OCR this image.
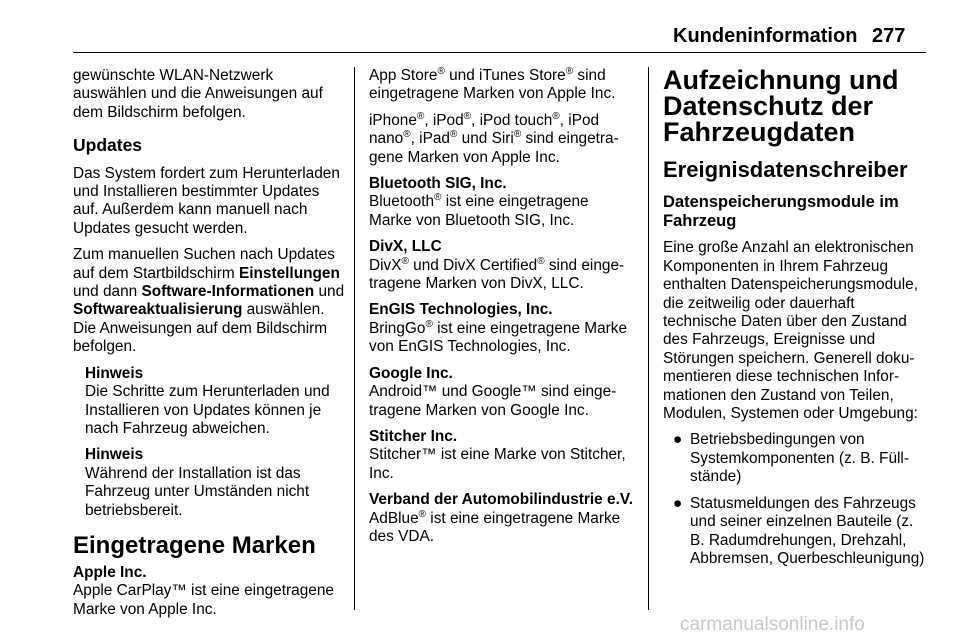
Kundeninformation 277

gewünschte WLAN-Netzwerk auswählen und die Anweisungen auf dem Bildschirm befolgen.

Updates

Das System fordert zum Herunterladen und Installieren bestimmter Updates auf. Außerdem kann manuell nach Updates gesucht werden.

Zum manuellen Suchen nach Updates auf dem Startbildschirm Einstellungen und dann Software-Informationen und Softwareaktualisierung auswählen. Die Anweisungen auf dem Bildschirm befolgen.

Hinweis
Die Schritte zum Herunterladen und Installieren von Updates können je nach Fahrzeug abweichen.
Hinweis
Während der Installation ist das Fahrzeug unter Umständen nicht betriebsbereit.
Eingetragene Marken
Apple Inc.
Apple CarPlay™ ist eine eingetragene Marke von Apple Inc.

App Store® und iTunes Store® sind eingetragene Marken von Apple Inc.

iPhone®, iPod®, iPod touch®, iPod nano®, iPad® und Siri® sind eingetragene Marken von Apple Inc.

Bluetooth SIG, Inc.
Bluetooth® ist eine eingetragene Marke von Bluetooth SIG, Inc.
DivX, LLC
DivX® und DivX Certified® sind eingetragene Marken von DivX, LLC.
EnGIS Technologies, Inc.
BringGo® ist eine eingetragene Marke von EnGIS Technologies, Inc.
Google Inc.
Android™ und Google™ sind eingetragene Marken von Google Inc.
Stitcher Inc.
Stitcher™ ist eine Marke von Stitcher, Inc.
Verband der Automobilindustrie e.V.
AdBlue® ist eine eingetragene Marke des VDA.
Aufzeichnung und Datenschutz der Fahrzeugdaten
Ereignisdatenschreiber
Datenspeicherungsmodule im Fahrzeug

Eine große Anzahl an elektronischen Komponenten in Ihrem Fahrzeug enthalten Datenspeicherungsmodule, die zeitweilig oder dauerhaft technische Daten über den Zustand des Fahrzeugs, Ereignisse und Störungen speichern. Generell dokumentieren diese technischen Informationen den Zustand von Teilen, Modulen, Systemen oder Umgebung:

● Betriebsbedingungen von Systemkomponenten (z. B. Füllstände)
● Statusmeldungen des Fahrzeugs und seiner einzelnen Bauteile (z. B. Radumdrehungen, Drehzahl, Abbremsen, Querbeschleunigung)
carmanualsonline.info
